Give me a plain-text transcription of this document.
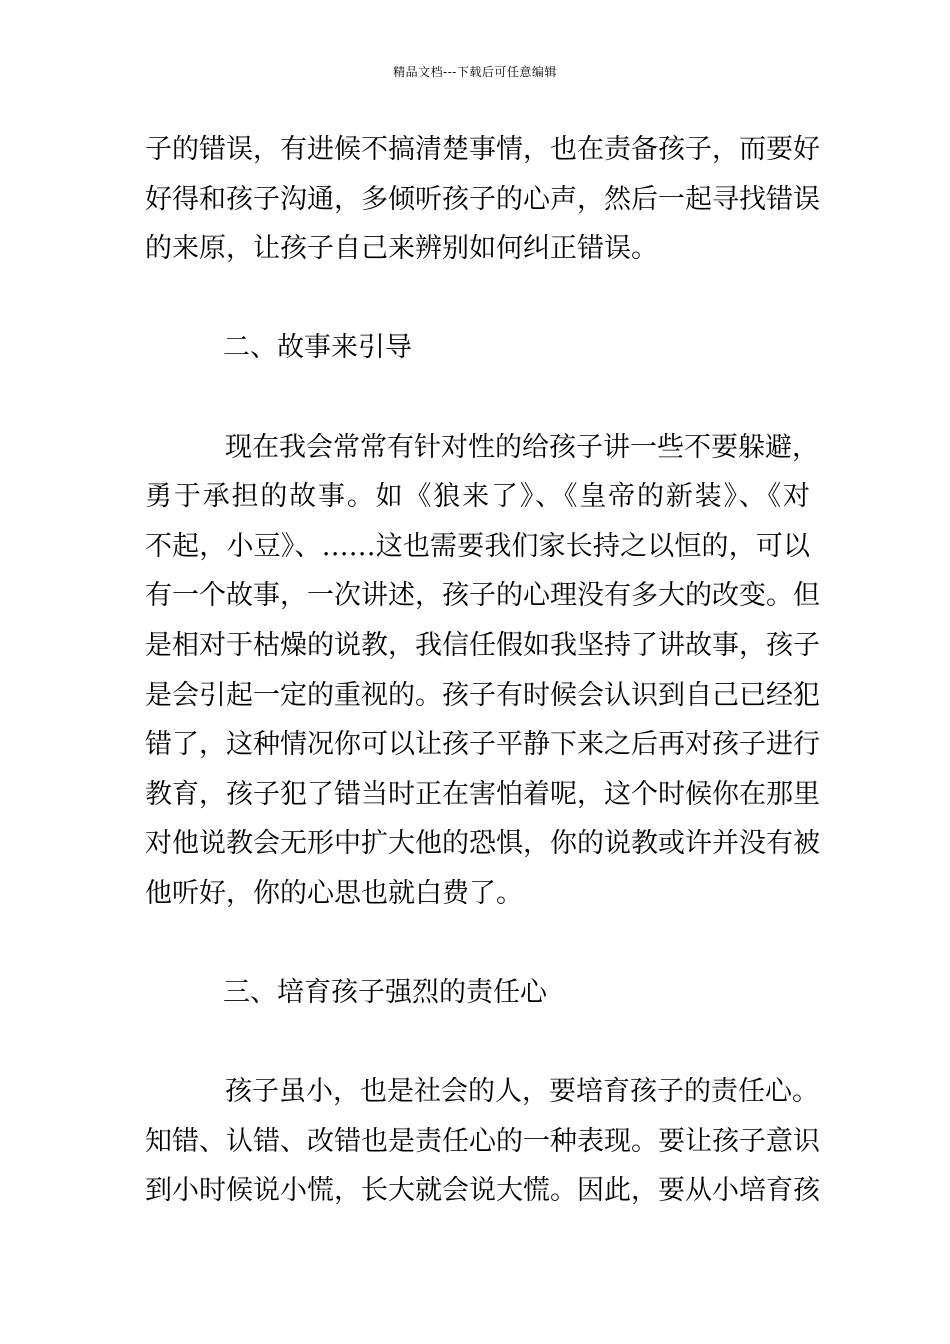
精品文档---下载后可任意编辑
子的错误，有进候不搞清楚事情，也在责备孩子，而要好
好得和孩子沟通，多倾听孩子的心声，然后一起寻找错误
的来原，让孩子自己来辨别如何纠正错误。
二、故事来引导
现在我会常常有针对性的给孩子讲一些不要躲避，
勇于承担的故事。如《狼来了》、《皇帝的新装》、《对
不起，小豆》、……这也需要我们家长持之以恒的，可以
有一个故事，一次讲述，孩子的心理没有多大的改变。但
是相对于枯燥的说教，我信任假如我坚持了讲故事，孩子
是会引起一定的重视的。孩子有时候会认识到自己已经犯
错了，这种情况你可以让孩子平静下来之后再对孩子进行
教育，孩子犯了错当时正在害怕着呢，这个时候你在那里
对他说教会无形中扩大他的恐惧，你的说教或许并没有被
他听好，你的心思也就白费了。
三、培育孩子强烈的责任心
孩子虽小，也是社会的人，要培育孩子的责任心。
知错、认错、改错也是责任心的一种表现。要让孩子意识
到小时候说小慌，长大就会说大慌。因此，要从小培育孩
